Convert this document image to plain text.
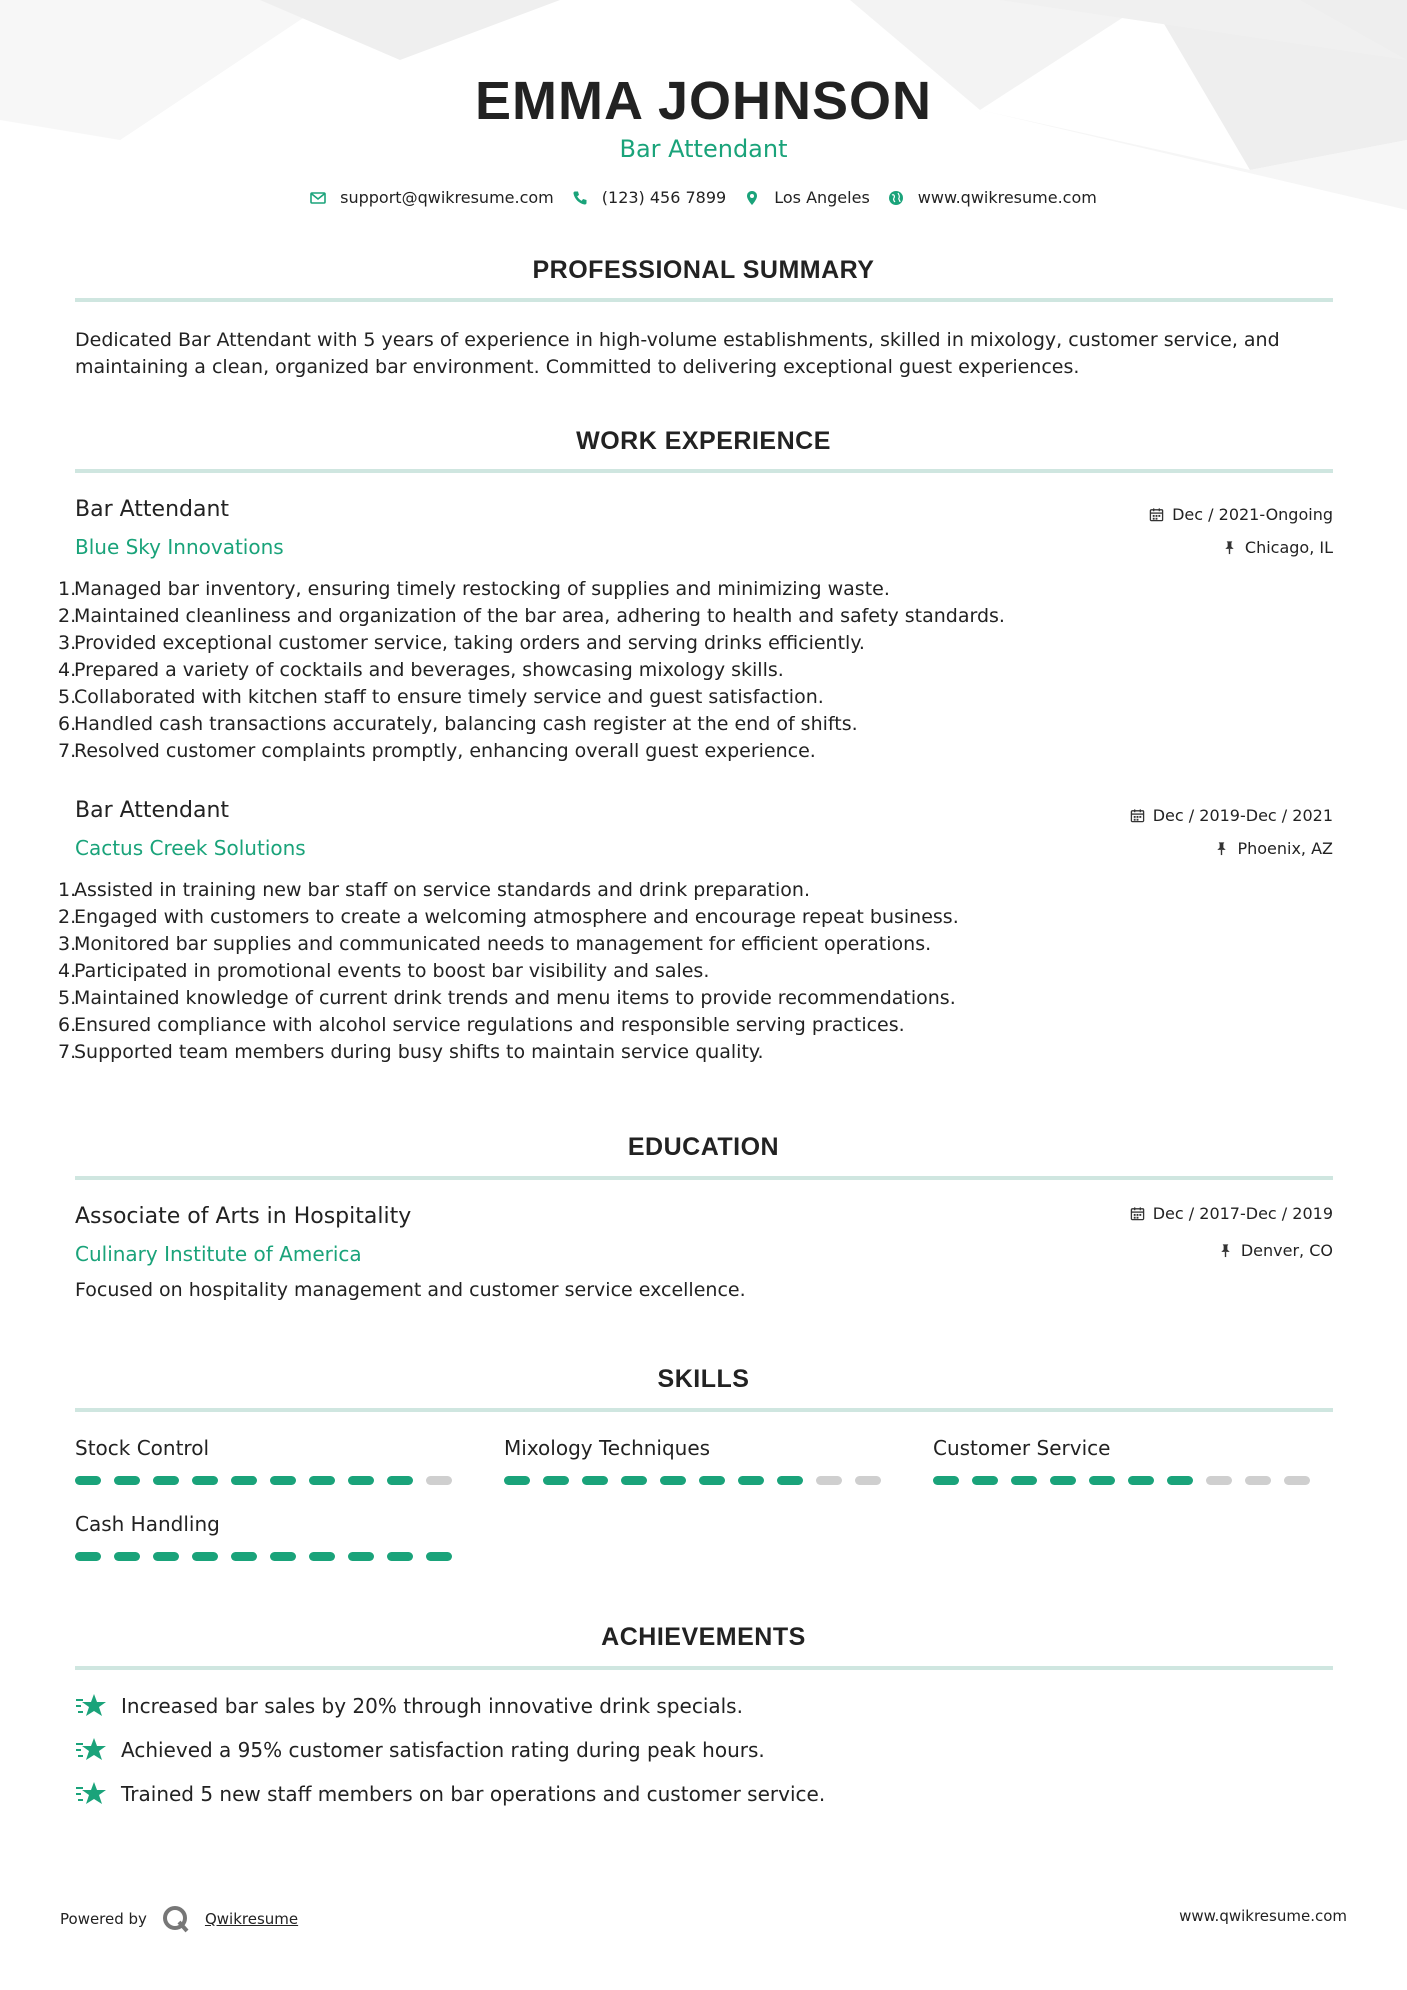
EMMA JOHNSON
Bar Attendant
support@qwikresume.com	(123) 456 7899	Los Angeles	www.qwikresume.com
PROFESSIONAL SUMMARY
Dedicated Bar Attendant with 5 years of experience in high-volume establishments, skilled in mixology, customer service, and maintaining a clean, organized bar environment. Committed to delivering exceptional guest experiences.
WORK EXPERIENCE
Bar Attendant	Dec / 2021-Ongoing
Blue Sky Innovations	Chicago, IL
1.
Managed bar inventory, ensuring timely restocking of supplies and minimizing waste.
2.
Maintained cleanliness and organization of the bar area, adhering to health and safety standards.
3.
Provided exceptional customer service, taking orders and serving drinks efficiently.
4.
Prepared a variety of cocktails and beverages, showcasing mixology skills.
5.
Collaborated with kitchen staff to ensure timely service and guest satisfaction.
6.
Handled cash transactions accurately, balancing cash register at the end of shifts.
7.
Resolved customer complaints promptly, enhancing overall guest experience.
Bar Attendant	Dec / 2019-Dec / 2021
Cactus Creek Solutions	Phoenix, AZ
1.
Assisted in training new bar staff on service standards and drink preparation.
2.
Engaged with customers to create a welcoming atmosphere and encourage repeat business.
3.
Monitored bar supplies and communicated needs to management for efficient operations.
4.
Participated in promotional events to boost bar visibility and sales.
5.
Maintained knowledge of current drink trends and menu items to provide recommendations.
6.
Ensured compliance with alcohol service regulations and responsible serving practices.
7.
Supported team members during busy shifts to maintain service quality.
EDUCATION
Associate of Arts in Hospitality	Dec / 2017-Dec / 2019
Culinary Institute of America	Denver, CO
Focused on hospitality management and customer service excellence.
SKILLS
Stock Control	Mixology Techniques	Customer Service
Cash Handling
ACHIEVEMENTS
Increased bar sales by 20% through innovative drink specials.
Achieved a 95% customer satisfaction rating during peak hours.
Trained 5 new staff members on bar operations and customer service.
Powered by	Qwikresume	www.qwikresume.com
